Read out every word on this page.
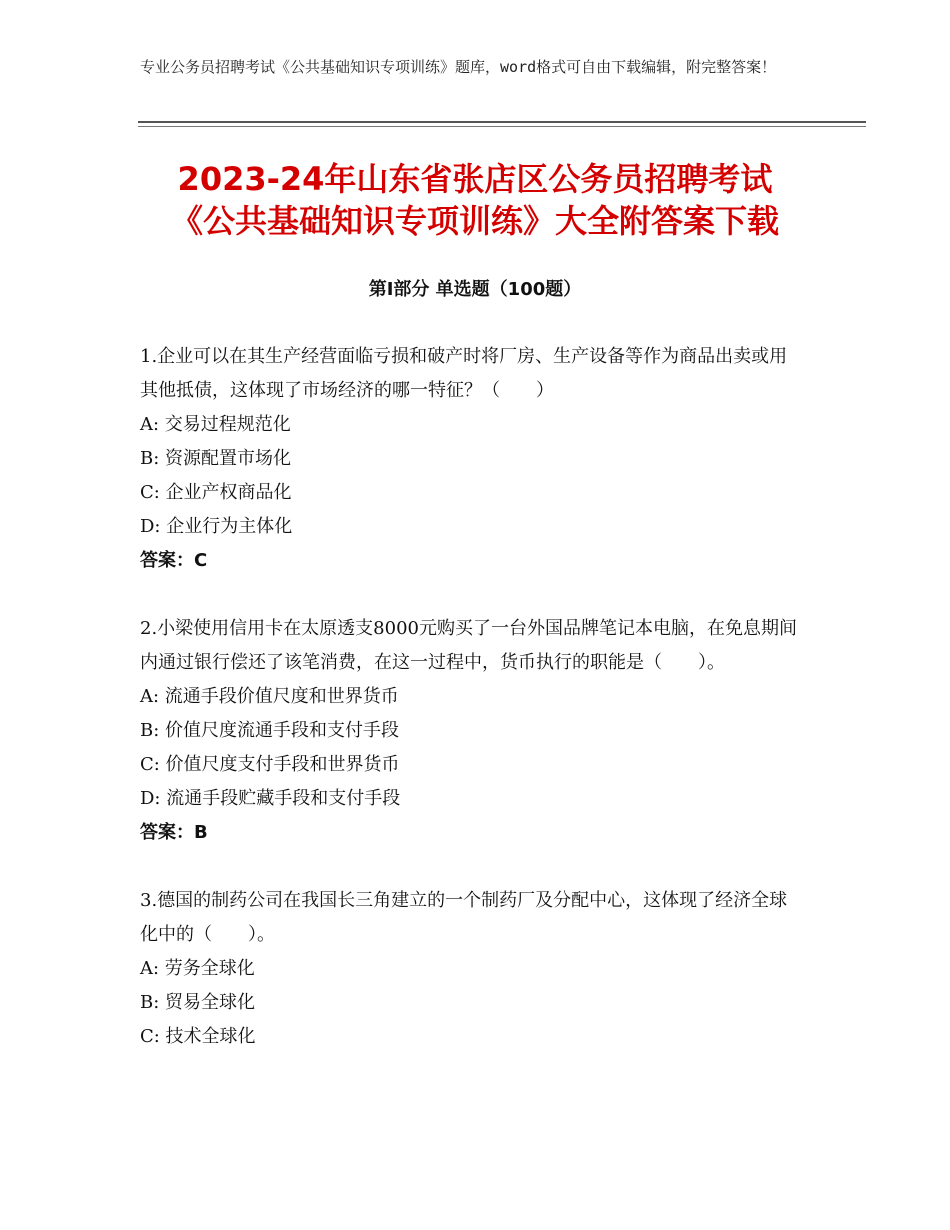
专业公务员招聘考试《公共基础知识专项训练》题库，word格式可自由下载编辑，附完整答案！
2023-24年山东省张店区公务员招聘考试
《公共基础知识专项训练》大全附答案下载
第Ⅰ部分 单选题（100题）

1.企业可以在其生产经营面临亏损和破产时将厂房、生产设备等作为商品出卖或用其他抵债，这体现了市场经济的哪一特征？（　　）

A: 交易过程规范化

B: 资源配置市场化

C: 企业产权商品化

D: 企业行为主体化

答案：C

2.小梁使用信用卡在太原透支8000元购买了一台外国品牌笔记本电脑，在免息期间内通过银行偿还了该笔消费，在这一过程中，货币执行的职能是（　　）。

A: 流通手段价值尺度和世界货币

B: 价值尺度流通手段和支付手段

C: 价值尺度支付手段和世界货币

D: 流通手段贮藏手段和支付手段

答案：B

3.德国的制药公司在我国长三角建立的一个制药厂及分配中心，这体现了经济全球化中的（　　）。

A: 劳务全球化

B: 贸易全球化

C: 技术全球化
